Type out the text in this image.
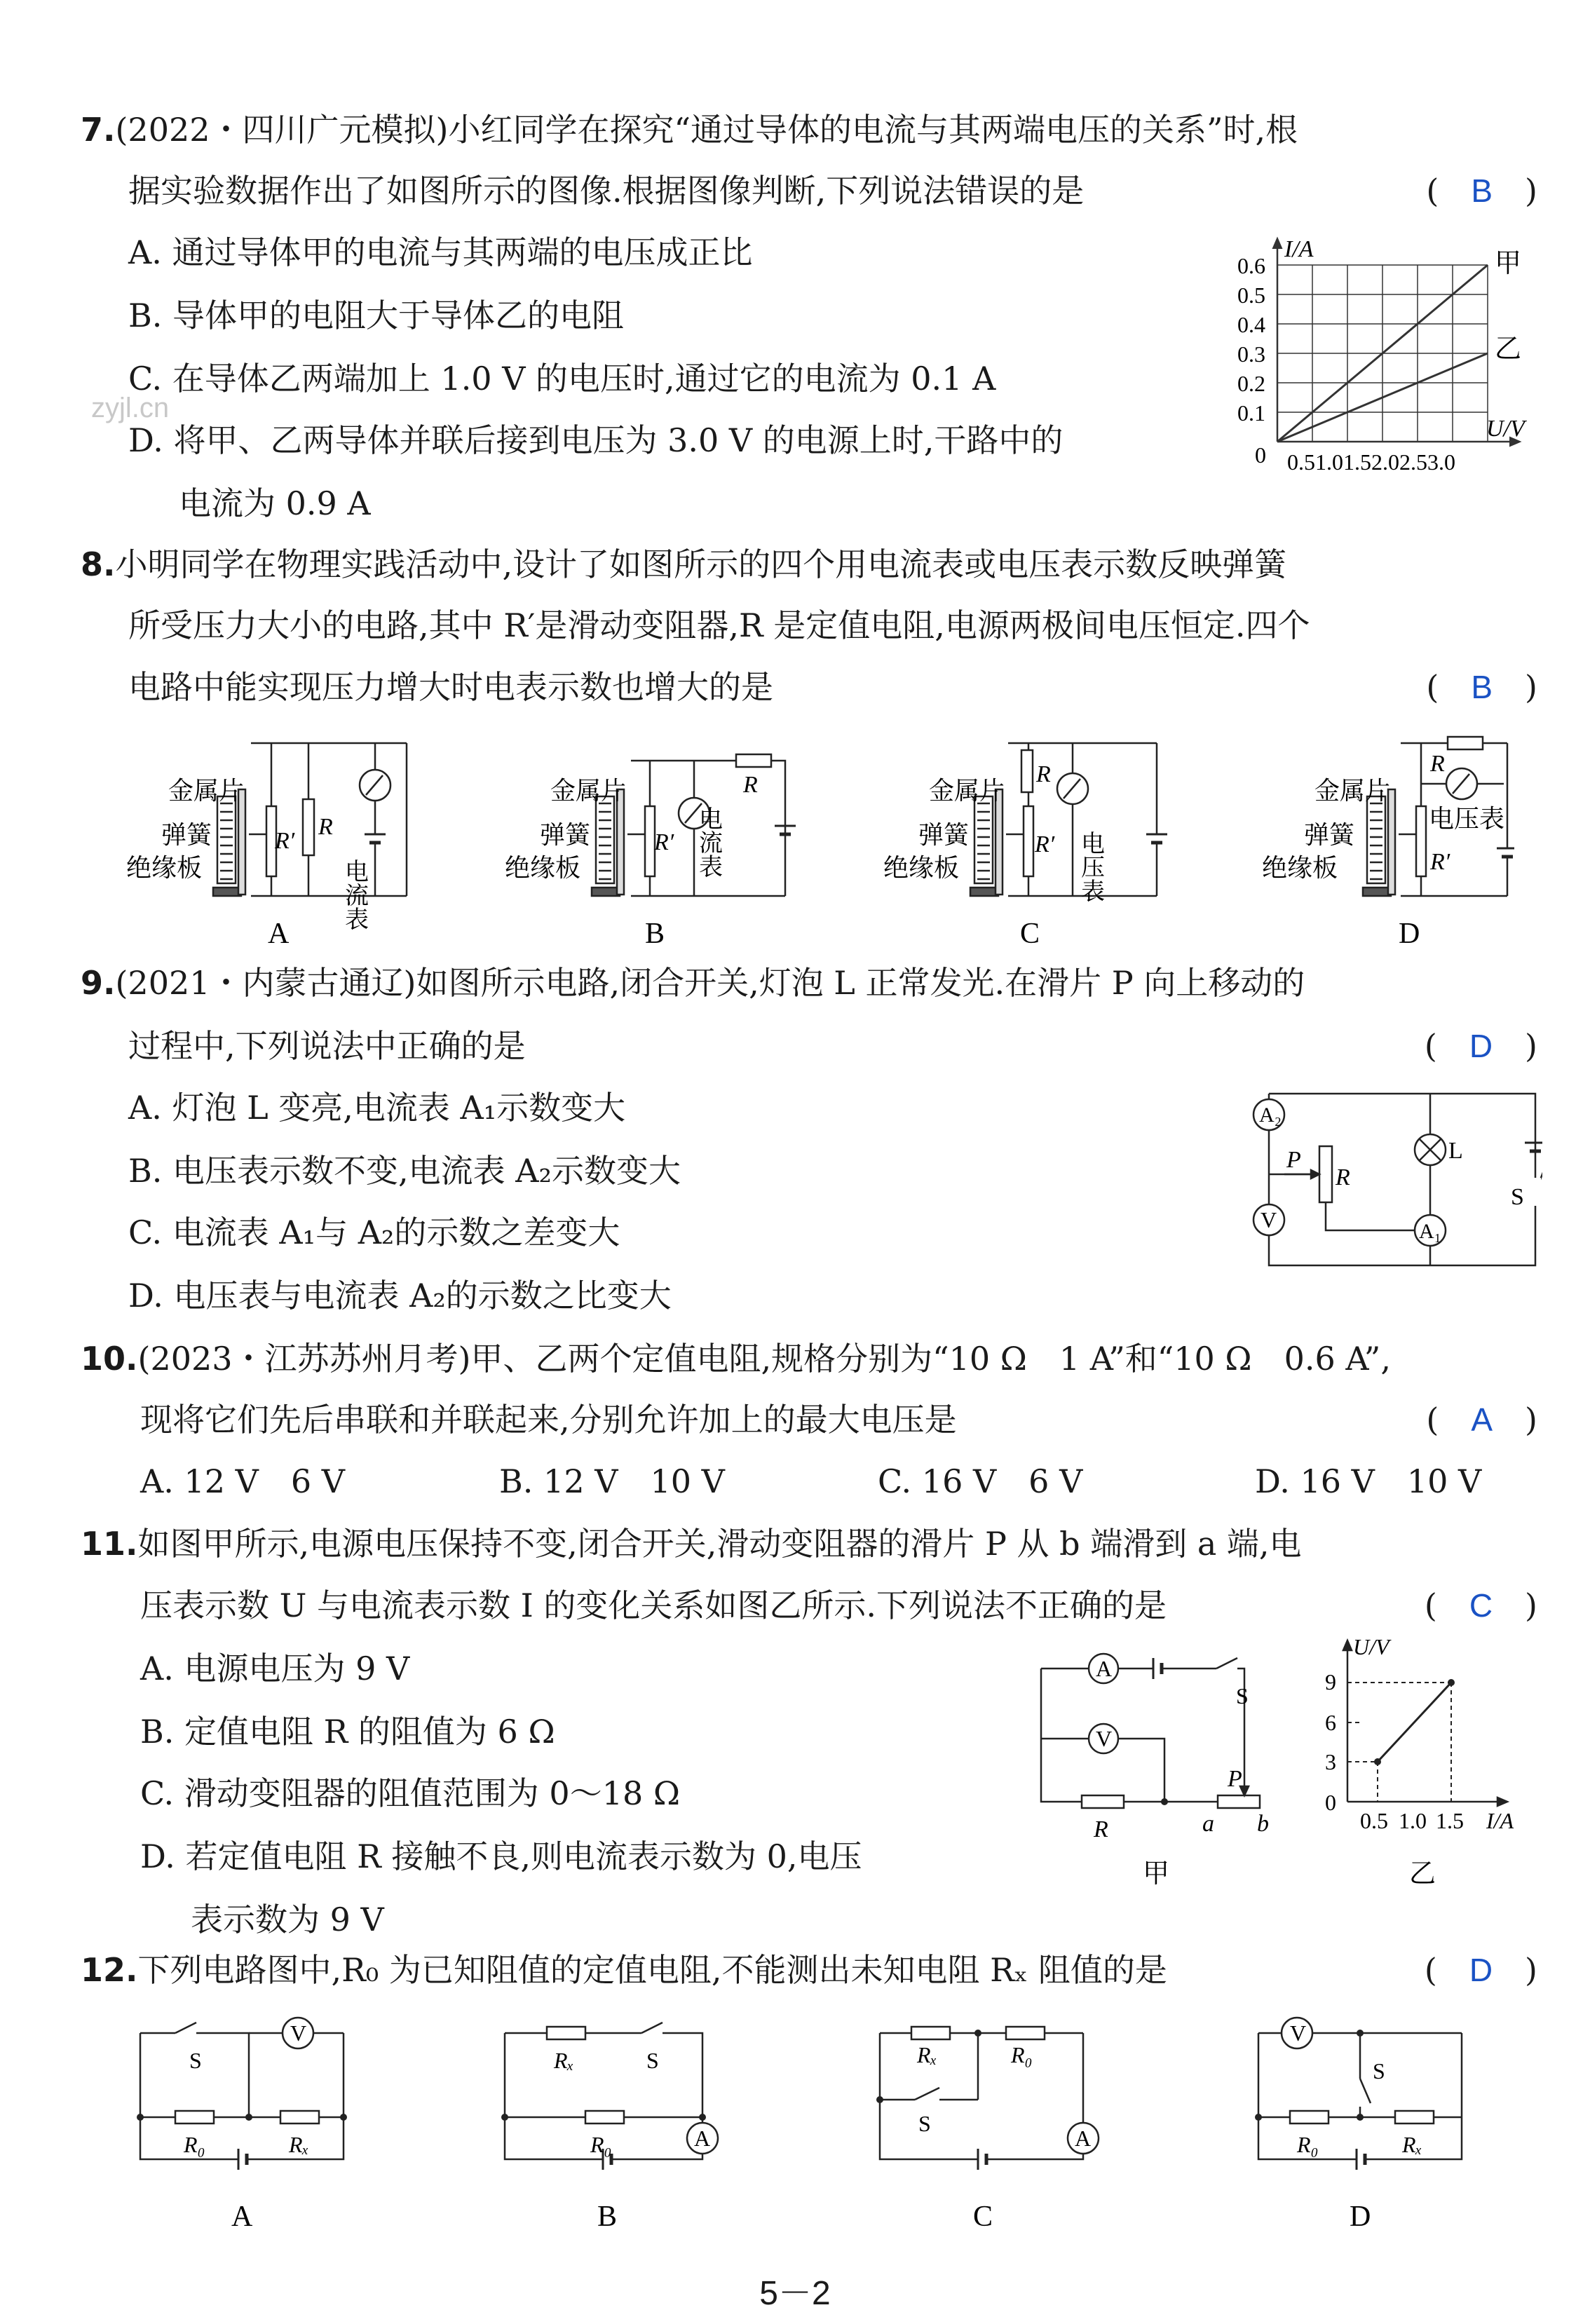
zyjl.cn
7.(2022・四川广元模拟)小红同学在探究“通过导体的电流与其两端电压的关系”时,根
据实验数据作出了如图所示的图像.根据图像判断,下列说法错误的是	(　B　)
A. 通过导体甲的电流与其两端的电压成正比
B. 导体甲的电阻大于导体乙的电阻
C. 在导体乙两端加上 1.0 V 的电压时,通过它的电流为 0.1 A
D. 将甲、乙两导体并联后接到电压为 3.0 V 的电源上时,干路中的
电流为 0.9 A
I/A
U/V
0
0.1
0.2
0.3
0.4
0.5
0.6
0.51.01.52.02.53.0
甲
乙
8.小明同学在物理实践活动中,设计了如图所示的四个用电流表或电压表示数反映弹簧
所受压力大小的电路,其中 R′是滑动变阻器,R 是定值电阻,电源两极间电压恒定.四个
电路中能实现压力增大时电表示数也增大的是	(　B　)
金属片
弹簧
绝缘板
R′
R
电流表
A
金属片
弹簧
绝缘板
R
R′ 电流表
B
金属片
弹簧
绝缘板
R
R′ 电压表
C
金属片
弹簧
绝缘板
R
R′
电压表
D
9.(2021・内蒙古通辽)如图所示电路,闭合开关,灯泡 L 正常发光.在滑片 P 向上移动的
过程中,下列说法中正确的是	(　D　)
A. 灯泡 L 变亮,电流表 A₁示数变大
B. 电压表示数不变,电流表 A₂示数变大
C. 电流表 A₁与 A₂的示数之差变大
D. 电压表与电流表 A₂的示数之比变大
A₂
V	A₁
P
R
L
S
10.(2023・江苏苏州月考)甲、乙两个定值电阻,规格分别为“10 Ω　1 A”和“10 Ω　0.6 A”,
现将它们先后串联和并联起来,分别允许加上的最大电压是	(　A　)
A. 12 V　6 V	B. 12 V　10 V	C. 16 V　6 V	D. 16 V　10 V
11.如图甲所示,电源电压保持不变,闭合开关,滑动变阻器的滑片 P 从 b 端滑到 a 端,电
压表示数 U 与电流表示数 I 的变化关系如图乙所示.下列说法不正确的是	(　C　)
A. 电源电压为 9 V
B. 定值电阻 R 的阻值为 6 Ω
C. 滑动变阻器的阻值范围为 0～18 Ω
D. 若定值电阻 R 接触不良,则电流表示数为 0,电压
表示数为 9 V
A
V
S
P
R	a b
甲
U/V
I/A
0
3
6
9
0.5 1.0 1.5
乙
12.下列电路图中,R₀ 为已知阻值的定值电阻,不能测出未知电阻 Rₓ 阻值的是	(　D　)
S
V
R₀	Rₓ
A
Rₓ	S
R₀	A
B
Rₓ	R₀
S
A
C
V
S
R₀	Rₓ
D
5－2
